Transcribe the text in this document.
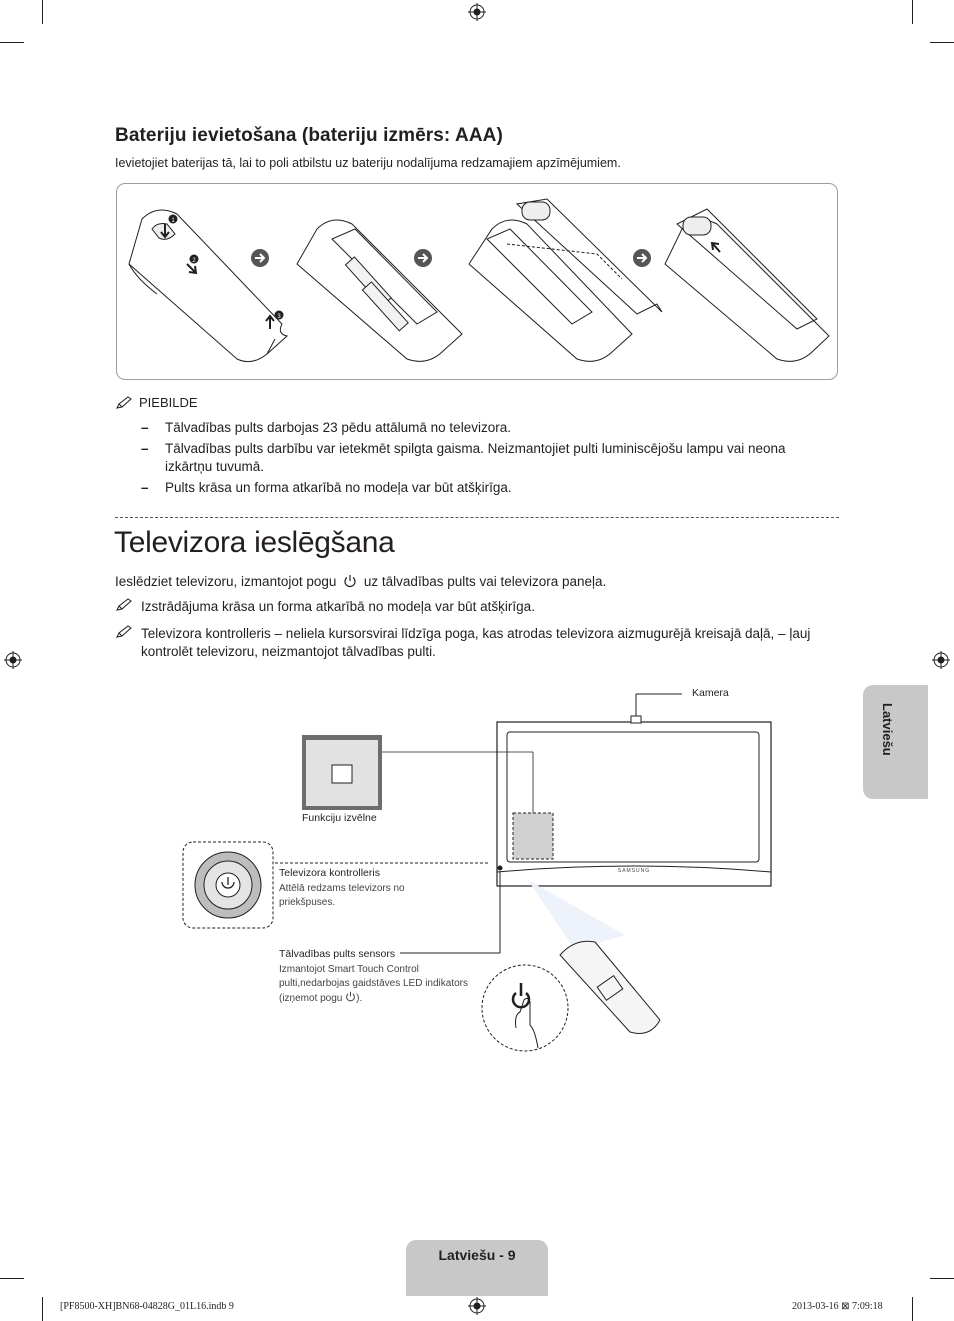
Bateriju ievietošana (bateriju izmērs: AAA)
Ievietojiet baterijas tā, lai to poli atbilstu uz bateriju nodalījuma redzamajiem apzīmējumiem.
1
2
3
PIEBILDE
– Tālvadības pults darbojas 23 pēdu attālumā no televizora.
– Tālvadības pults darbību var ietekmēt spilgta gaisma. Neizmantojiet pulti luminiscējošu lampu vai neona izkārtņu tuvumā.
– Pults krāsa un forma atkarībā no modeļa var būt atšķirīga.
Televizora ieslēgšana
Ieslēdziet televizoru, izmantojot pogu uz tālvadības pults vai televizora paneļa.
Izstrādājuma krāsa un forma atkarībā no modeļa var būt atšķirīga.
Televizora kontrolleris – neliela kursorsvirai līdzīga poga, kas atrodas televizora aizmugurējā kreisajā daļā, – ļauj kontrolēt televizoru, neizmantojot tālvadības pulti.
SAMSUNG
Kamera
Funkciju izvēlne
Televizora kontrolleris
Attēlā redzams televizors no priekšpuses.
Tālvadības pults sensors
Izmantojot Smart Touch Control pulti,nedarbojas gaidstāves LED indikators (izņemot pogu ).
Latviešu
Latviešu - 9
[PF8500-XH]BN68-04828G_01L16.indb 9	2013-03-16 ⊠ 7:09:18
